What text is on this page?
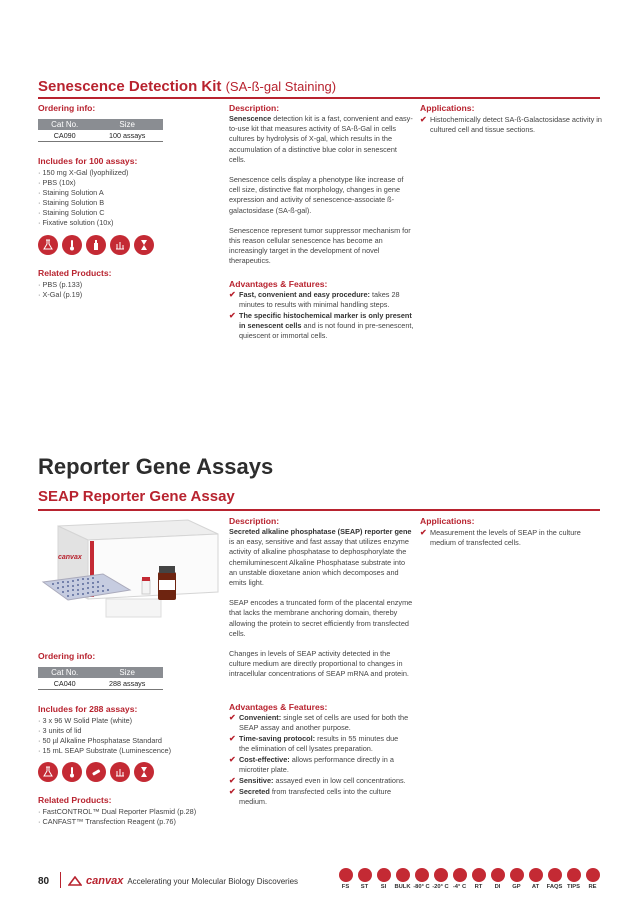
Senescence Detection Kit (SA-ß-gal Staining)
Ordering info:
Cat No.	Size
CA090	100 assays
Includes for 100 assays:
· 150 mg X-Gal (lyophilized)
· PBS (10x)
· Staining Solution A
· Staining Solution B
· Staining Solution C
· Fixative solution (10x)
Related Products:
· PBS (p.133)
· X-Gal (p.19)
Description:

Senescence detection kit is a fast, convenient and easy-to-use kit that measures activity of SA-ß-Gal in cells cultures by hydrolysis of X-gal, which results in the accumulation of a distinctive blue color in senescent cells.

Senescence cells display a phenotype like increase of cell size, distinctive flat morphology, changes in gene expression and activity of senescence-associate ß-galactosidase (SA-ß-gal).

Senescence represent tumor suppressor mechanism for this reason cellular senescence has become an increasingly target in the development of novel therapeutics.

Advantages & Features:
✔ Fast, convenient and easy procedure: takes 28 minutes to results with minimal handling steps.
✔ The specific histochemical marker is only present in senescent cells and is not found in pre-senescent, quiescent or immortal cells.
Applications:
✔ Histochemically detect SA-ß-Galactosidase activity in cultured cell and tissue sections.
Reporter Gene Assays
SEAP Reporter Gene Assay
canvax
Ordering info:
Cat No.	Size
CA040	288 assays
Includes for 288 assays:
· 3 x 96 W Solid Plate (white)
· 3 units of lid
· 50 µl Alkaline Phosphatase Standard
· 15 mL SEAP Substrate (Luminescence)
Related Products:
· FastCONTROL™ Dual Reporter Plasmid (p.28)
· CANFAST™ Transfection Reagent (p.76)
Description:

Secreted alkaline phosphatase (SEAP) reporter gene is an easy, sensitive and fast assay that utilizes enzyme activity of alkaline phosphatase to dephosphorylate the chemiluminescent Alkaline Phosphatase substrate into an unstable dioxetane anion which decomposes and emits light.

SEAP encodes a truncated form of the placental enzyme that lacks the membrane anchoring domain, thereby allowing the protein to secret efficiently from transfected cells.

Changes in levels of SEAP activity detected in the culture medium are directly proportional to changes in intracellular concentrations of SEAP mRNA and protein.

Advantages & Features:
✔ Convenient: single set of cells are used for both the SEAP assay and another purpose.
✔ Time-saving protocol: results in 55 minutes due the elimination of cell lysates preparation.
✔ Cost-effective: allows performance directly in a microtiter plate.
✔ Sensitive: assayed even in low cell concentrations.
✔ Secreted from transfected cells into the culture medium.
Applications:
✔ Measurement the levels of SEAP in the culture medium of transfected cells.
80	canvax Accelerating your Molecular Biology Discoveries
FS ST SI BULK -80° C -20° C -4° C RT DI GP AT FAQS TIPS RE
